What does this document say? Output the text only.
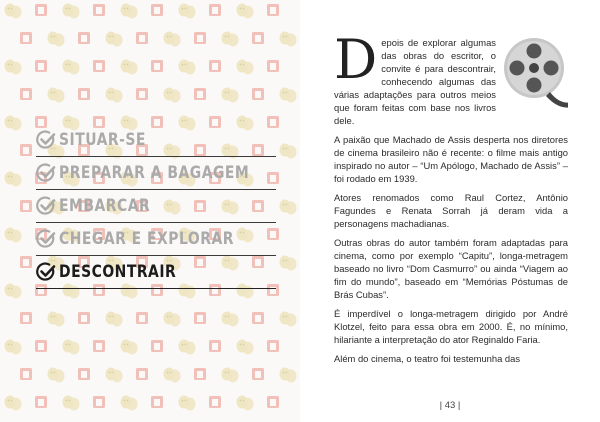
SITUAR-SE
PREPARAR A BAGAGEM
EMBARCAR
CHEGAR E EXPLORAR
DESCONTRAIR
D epois de explorar algumas das obras do escritor, o convite é para descontrair, conhecendo algumas das várias adaptações para outros meios que foram feitas com base nos livros dele.

A paixão que Machado de Assis desperta nos diretores de cinema brasileiro não é recente: o filme mais antigo inspirado no autor – “Um Apólogo, Machado de Assis” – foi rodado em 1939.

Atores renomados como Raul Cortez, Antônio Fagundes e Renata Sorrah já deram vida a personagens machadianas.

Outras obras do autor também foram adaptadas para cinema, como por exemplo “Capitu”, longa-metragem baseado no livro “Dom Casmurro” ou ainda “Viagem ao fim do mundo”, baseado em “Memórias Póstumas de Brás Cubas”.

É imperdível o longa-metragem dirigido por André Klotzel, feito para essa obra em 2000. É, no mínimo, hilariante a interpretação do ator Reginaldo Faria.

Além do cinema, o teatro foi testemunha das

| 43 |
